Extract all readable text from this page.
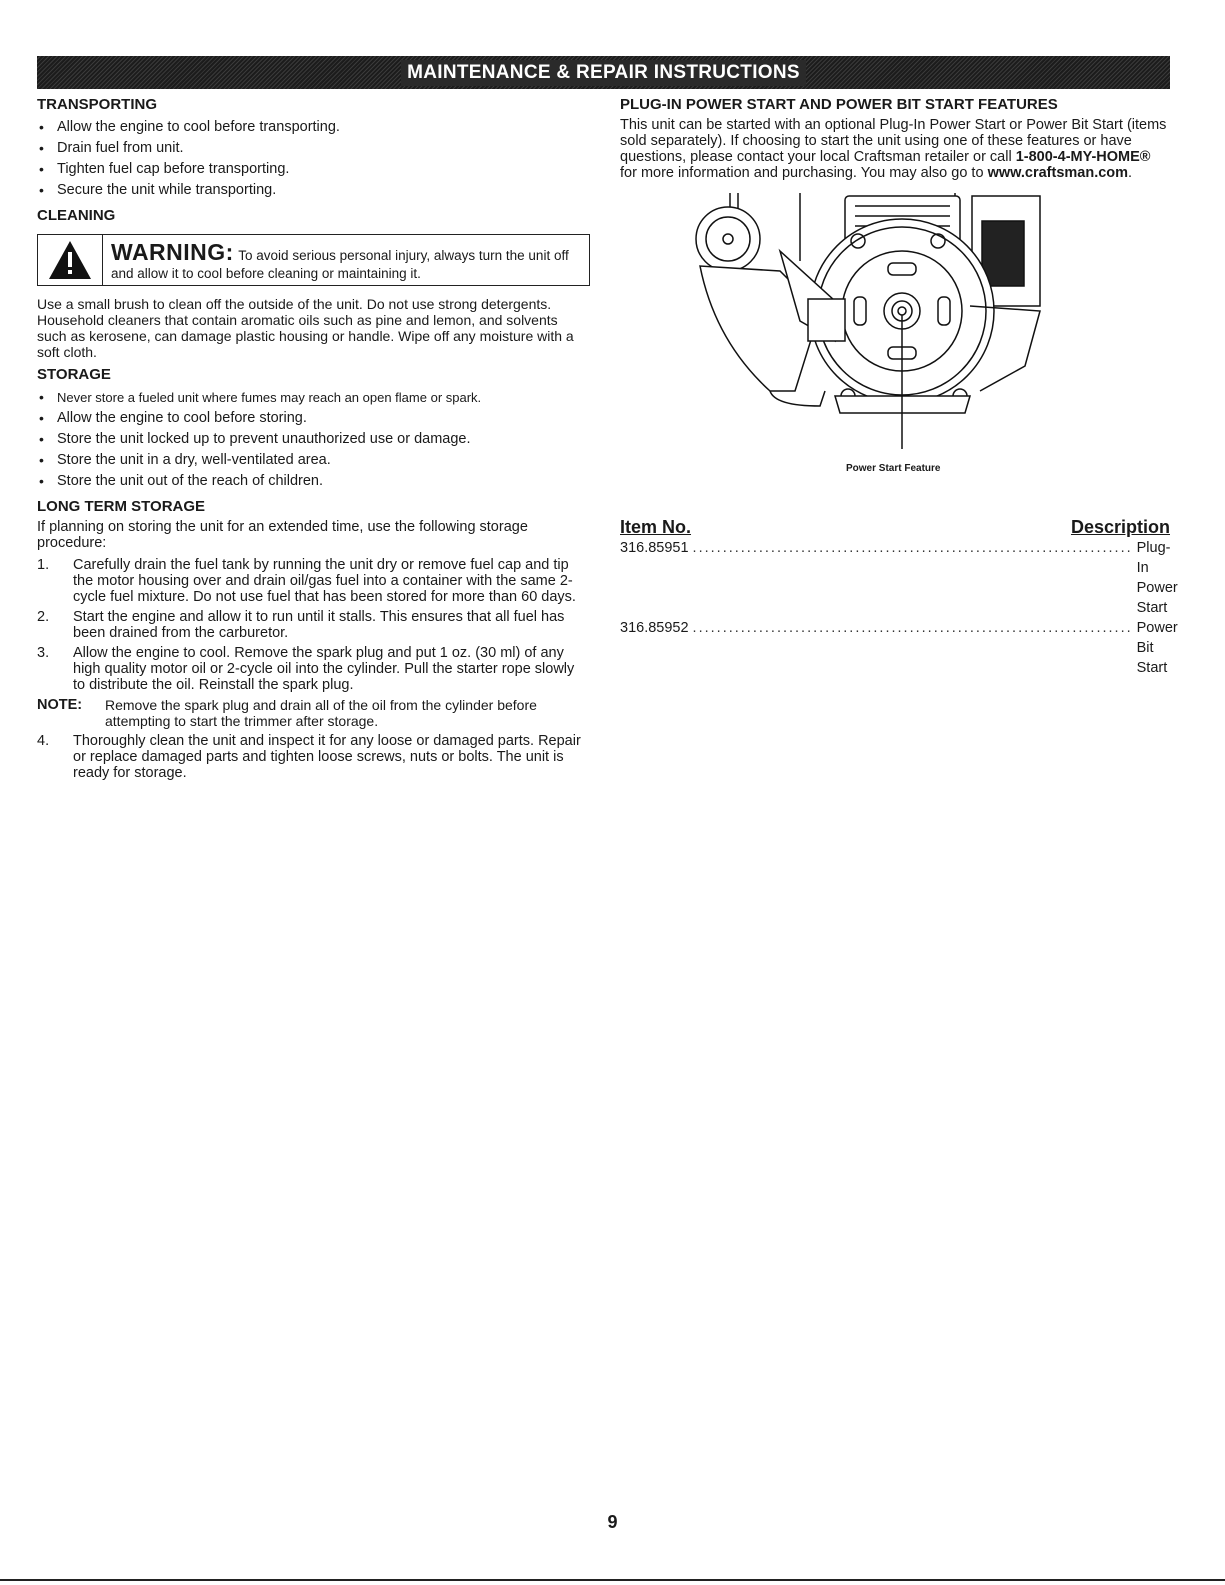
MAINTENANCE & REPAIR INSTRUCTIONS
TRANSPORTING
• Allow the engine to cool before transporting.
• Drain fuel from unit.
• Tighten fuel cap before transporting.
• Secure the unit while transporting.
CLEANING
WARNING: To avoid serious personal injury, always turn the unit off
and allow it to cool before cleaning or maintaining it.

Use a small brush to clean off the outside of the unit. Do not use strong detergents. Household cleaners that contain aromatic oils such as pine and lemon, and solvents such as kerosene, can damage plastic housing or handle. Wipe off any moisture with a soft cloth.

STORAGE
• Never store a fueled unit where fumes may reach an open flame or spark.
• Allow the engine to cool before storing.
• Store the unit locked up to prevent unauthorized use or damage.
• Store the unit in a dry, well-ventilated area.
• Store the unit out of the reach of children.
LONG TERM STORAGE

If planning on storing the unit for an extended time, use the following storage procedure:

1. Carefully drain the fuel tank by running the unit dry or remove fuel cap and tip the motor housing over and drain oil/gas fuel into a container with the same 2-cycle fuel mixture. Do not use fuel that has been stored for more than 60 days.
2. Start the engine and allow it to run until it stalls. This ensures that all fuel has been drained from the carburetor.
3. Allow the engine to cool. Remove the spark plug and put 1 oz. (30 ml) of any high quality motor oil or 2-cycle oil into the cylinder. Pull the starter rope slowly to distribute the oil. Reinstall the spark plug.
NOTE: Remove the spark plug and drain all of the oil from the cylinder before attempting to start the trimmer after storage.
4. Thoroughly clean the unit and inspect it for any loose or damaged parts. Repair or replace damaged parts and tighten loose screws, nuts or bolts. The unit is ready for storage.
PLUG-IN POWER START AND POWER BIT START FEATURES

This unit can be started with an optional Plug-In Power Start or Power Bit Start (items sold separately). If choosing to start the unit using one of these features or have questions, please contact your local Craftsman retailer or call 1-800-4-MY-HOME® for more information and purchasing. You may also go to www.craftsman.com.

Power Start Feature
Item No.	Description
316.85951 ......................................................................... Plug-In Power Start
316.85952 ......................................................................... Power Bit Start
9
